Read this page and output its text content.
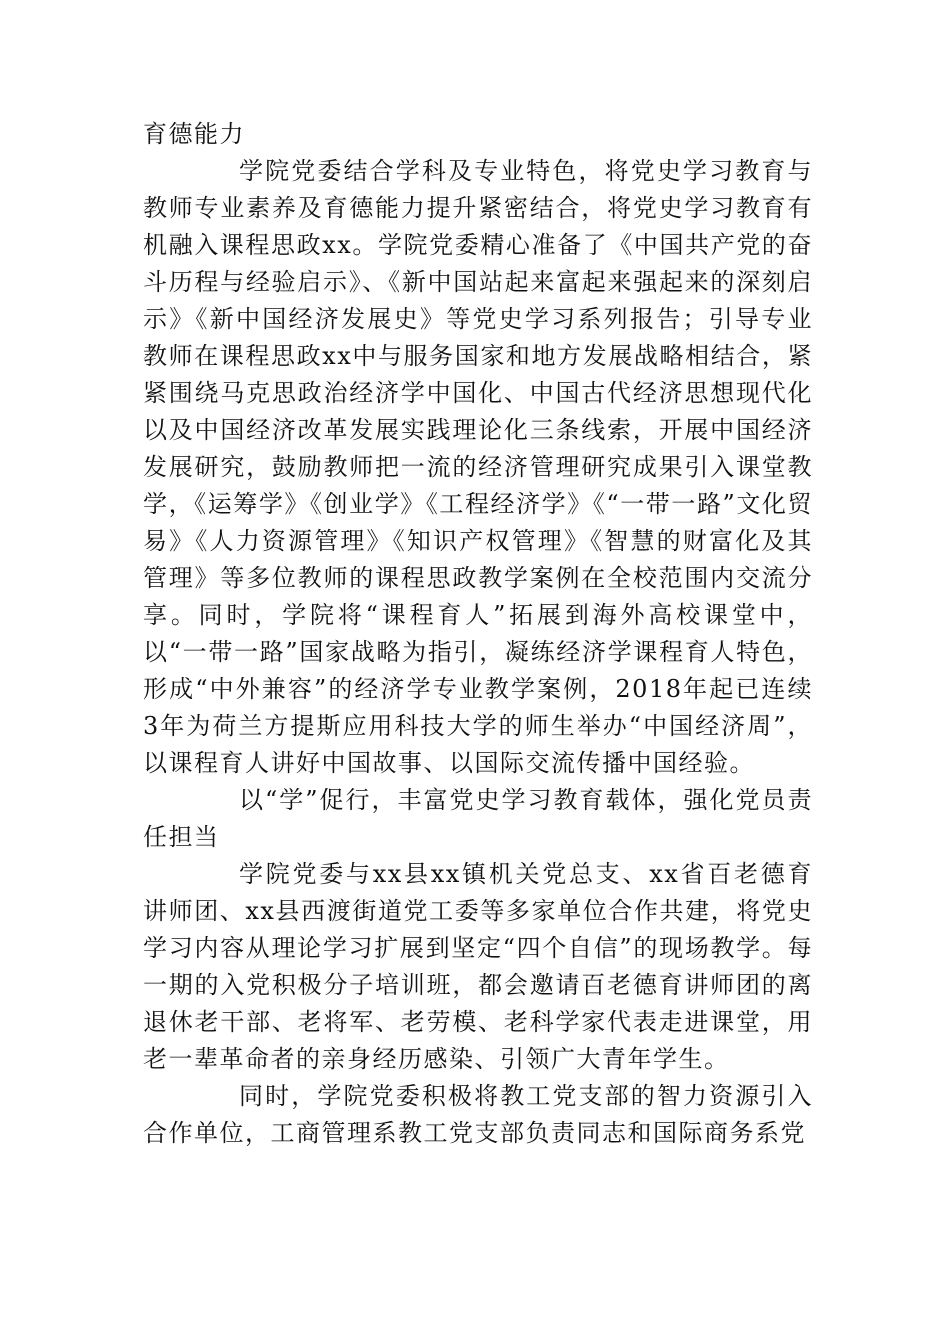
育德能力

学院党委结合学科及专业特色，将党史学习教育与教师专业素养及育德能力提升紧密结合，将党史学习教育有机融入课程思政xx。学院党委精心准备了《中国共产党的奋斗历程与经验启示》、《新中国站起来富起来强起来的深刻启示》《新中国经济发展史》等党史学习系列报告；引导专业教师在课程思政xx中与服务国家和地方发展战略相结合，紧紧围绕马克思政治经济学中国化、中国古代经济思想现代化以及中国经济改革发展实践理论化三条线索，开展中国经济发展研究，鼓励教师把一流的经济管理研究成果引入课堂教学，《运筹学》《创业学》《工程经济学》《“一带一路”文化贸易》《人力资源管理》《知识产权管理》《智慧的财富化及其管理》等多位教师的课程思政教学案例在全校范围内交流分享。同时，学院将“课程育人”拓展到海外高校课堂中，以“一带一路”国家战略为指引，凝练经济学课程育人特色，形成“中外兼容”的经济学专业教学案例，2018年起已连续3年为荷兰方提斯应用科技大学的师生举办“中国经济周”，以课程育人讲好中国故事、以国际交流传播中国经验。

以“学”促行，丰富党史学习教育载体，强化党员责任担当

学院党委与xx县xx镇机关党总支、xx省百老德育讲师团、xx县西渡街道党工委等多家单位合作共建，将党史学习内容从理论学习扩展到坚定“四个自信”的现场教学。每一期的入党积极分子培训班，都会邀请百老德育讲师团的离退休老干部、老将军、老劳模、老科学家代表走进课堂，用老一辈革命者的亲身经历感染、引领广大青年学生。

同时，学院党委积极将教工党支部的智力资源引入合作单位，工商管理系教工党支部负责同志和国际商务系党
